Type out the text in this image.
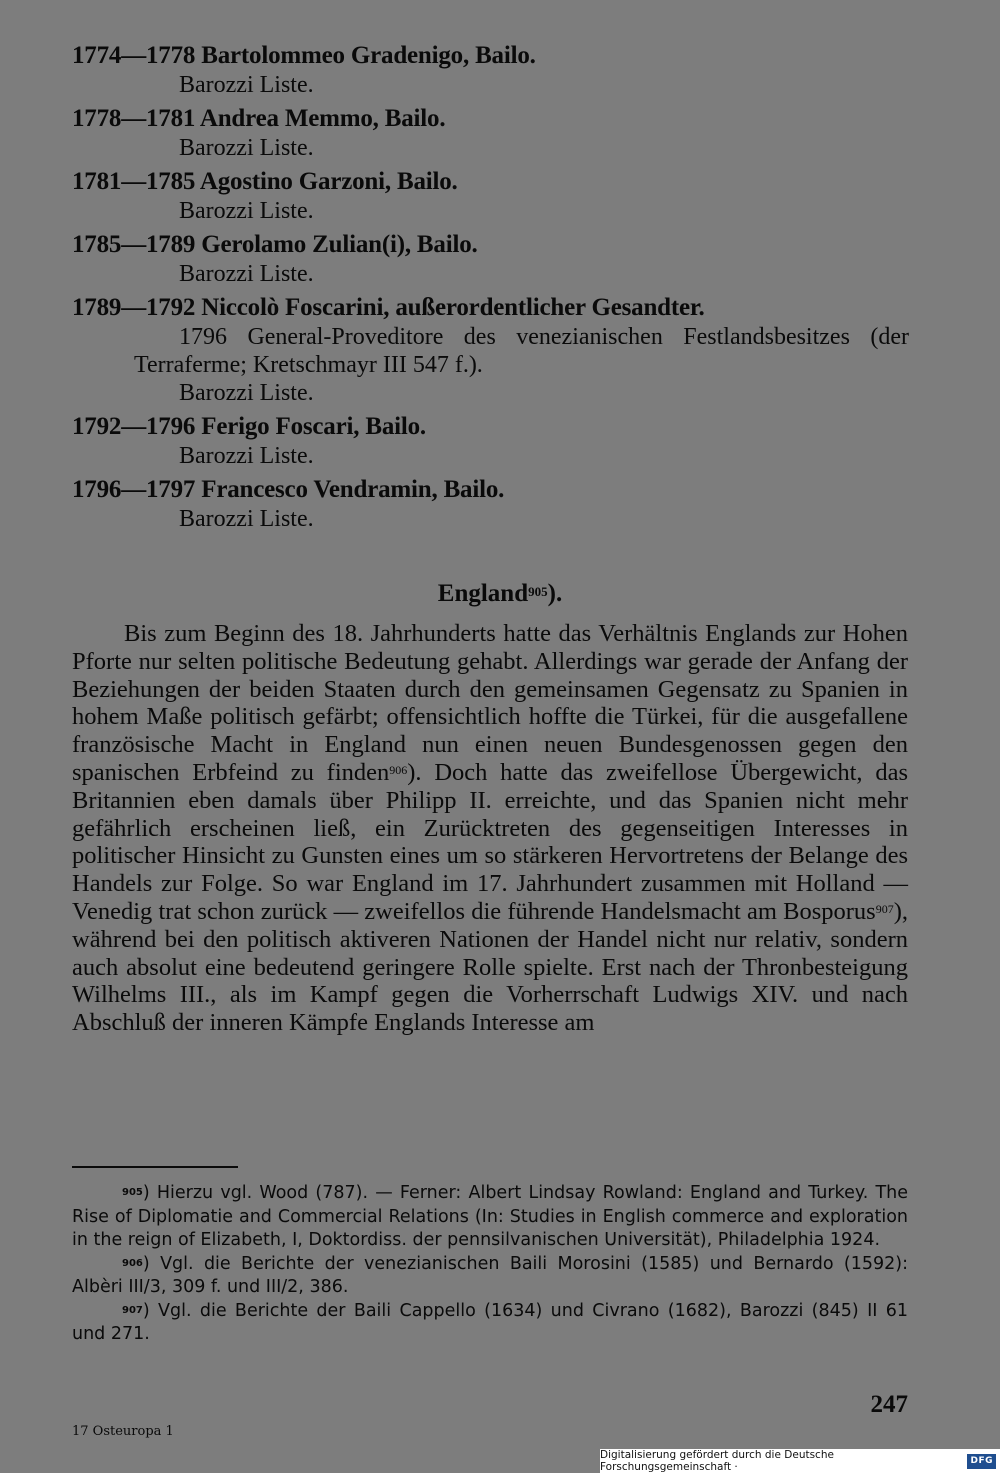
1774—1778 Bartolommeo Gradenigo, Bailo.
Barozzi Liste.
1778—1781 Andrea Memmo, Bailo.
Barozzi Liste.
1781—1785 Agostino Garzoni, Bailo.
Barozzi Liste.
1785—1789 Gerolamo Zulian(i), Bailo.
Barozzi Liste.
1789—1792 Niccolò Foscarini, außerordentlicher Gesandter.
1796 General-Proveditore des venezianischen Festlandsbesitzes (der Terraferme; Kretschmayr III 547 f.).
Barozzi Liste.
1792—1796 Ferigo Foscari, Bailo.
Barozzi Liste.
1796—1797 Francesco Vendramin, Bailo.
Barozzi Liste.
England$^{905}$).

Bis zum Beginn des 18. Jahrhunderts hatte das Verhältnis Englands zur Hohen Pforte nur selten politische Bedeutung gehabt. Allerdings war gerade der Anfang der Beziehungen der beiden Staaten durch den gemeinsamen Gegensatz zu Spanien in hohem Maße politisch gefärbt; offensichtlich hoffte die Türkei, für die ausgefallene französische Macht in England nun einen neuen Bundesgenossen gegen den spanischen Erbfeind zu finden$^{906}$). Doch hatte das zweifellose Übergewicht, das Britannien eben damals über Philipp II. erreichte, und das Spanien nicht mehr gefährlich erscheinen ließ, ein Zurücktreten des gegenseitigen Interesses in politischer Hinsicht zu Gunsten eines um so stärkeren Hervortretens der Belange des Handels zur Folge. So war England im 17. Jahrhundert zusammen mit Holland — Venedig trat schon zurück — zweifellos die führende Handelsmacht am Bosporus$^{907}$), während bei den politisch aktiveren Nationen der Handel nicht nur relativ, sondern auch absolut eine bedeutend geringere Rolle spielte. Erst nach der Thronbesteigung Wilhelms III., als im Kampf gegen die Vorherrschaft Ludwigs XIV. und nach Abschluß der inneren Kämpfe Englands Interesse am

$^{905}$) Hierzu vgl. Wood (787). — Ferner: Albert Lindsay Rowland: England and Turkey. The Rise of Diplomatie and Commercial Relations (In: Studies in English commerce and exploration in the reign of Elizabeth, I, Doktordiss. der pennsilvanischen Universität), Philadelphia 1924.

$^{906}$) Vgl. die Berichte der venezianischen Baili Morosini (1585) und Bernardo (1592): Albèri III/3, 309 f. und III/2, 386.

$^{907}$) Vgl. die Berichte der Baili Cappello (1634) und Civrano (1682), Barozzi (845) II 61 und 271.

247
17 Osteuropa 1
Digitalisierung gefördert durch die Deutsche Forschungsgemeinschaft ·
DFG
